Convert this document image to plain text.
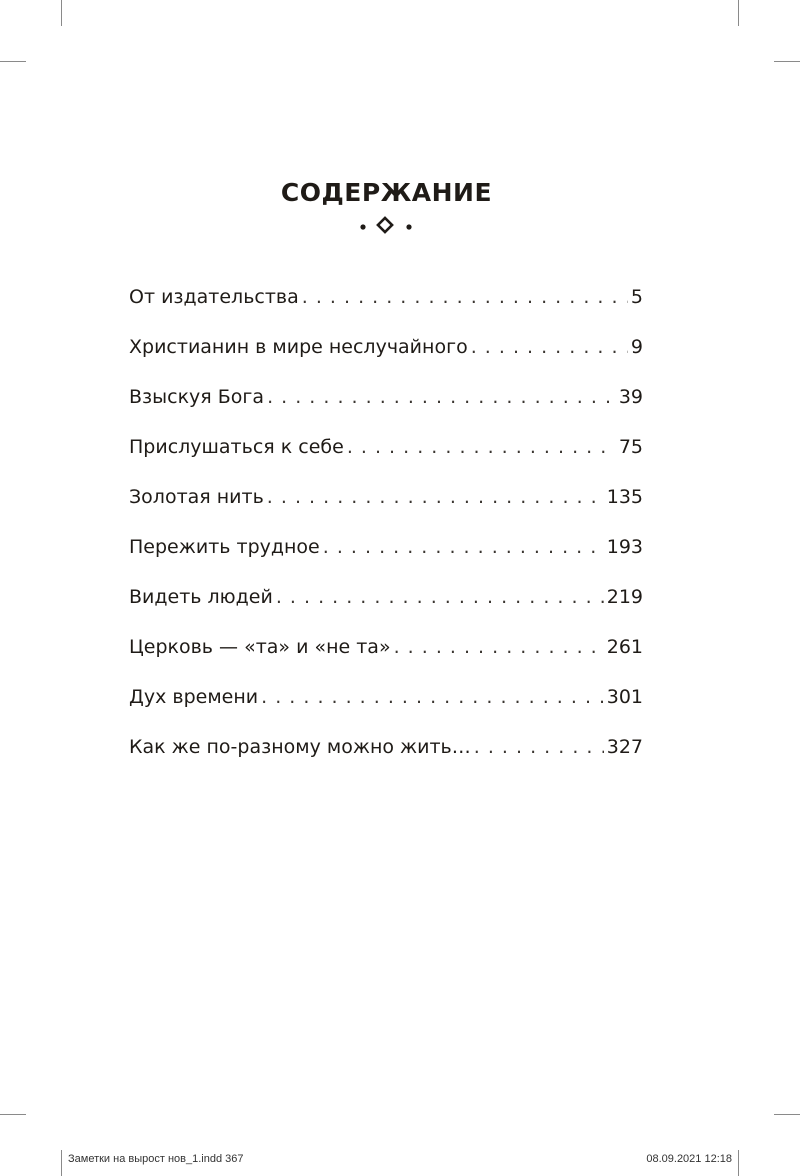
СОДЕРЖАНИЕ
От издательства . . .	5
Христианин в мире неслучайного . . .	9
Взыскуя Бога . . .	39
Прислушаться к себе . . .	75
Золотая нить . . .	135
Пережить трудное . . .	193
Видеть людей . . .	219
Церковь — «та» и «не та» . . .	261
Дух времени . . .	301
Как же по-разному можно жить… . . .	327
Заметки на вырост нов_1.indd 367	08.09.2021 12:18
